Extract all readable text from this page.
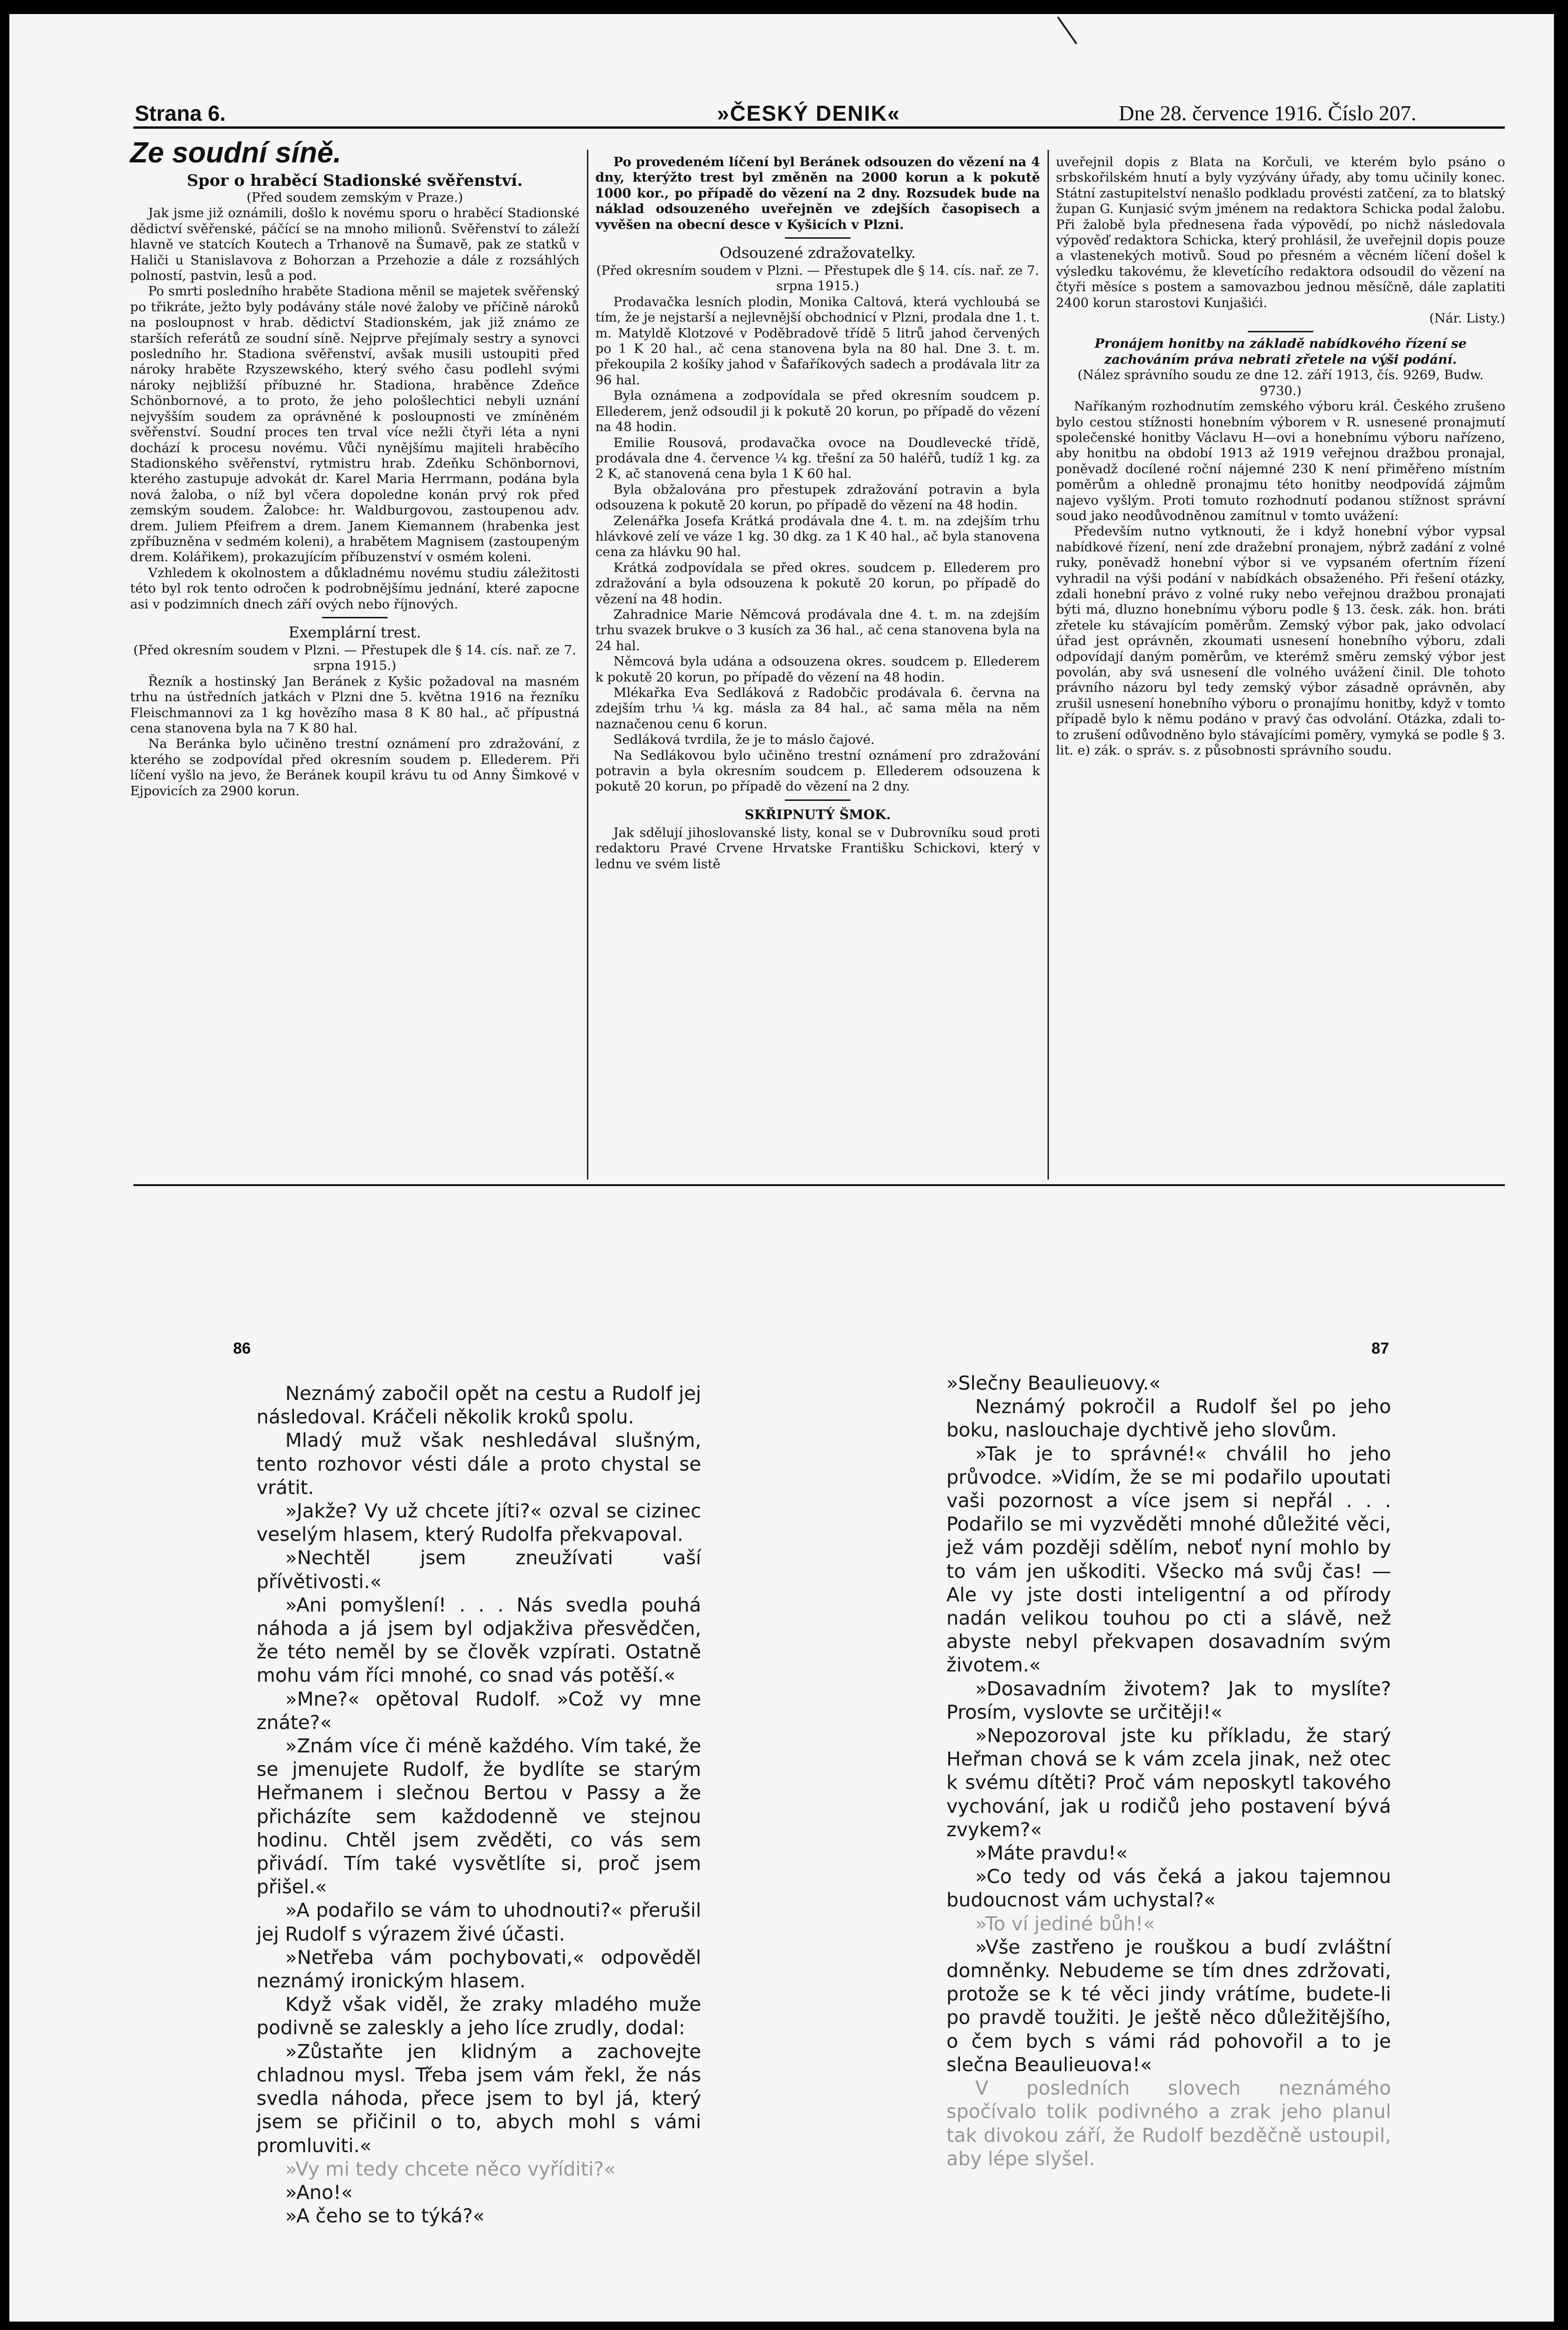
Strana 6.	»ČESKÝ DENIK«	Dne 28. července 1916. Číslo 207.
Ze soudní síně.
Spor o hraběcí Stadionské svěřenství.

(Před soudem zemským v Praze.)

Jak jsme již oznámili, došlo k novému sporu o hraběcí Stadionské dědictví svěřenské, páčící se na mnoho milionů. Svěřenství to záleží hlavně ve statcích Koutech a Trhanově na Šumavě, pak ze statků v Haliči u Stanislavova z Bohorzan a Przehozie a dále z rozsáhlých polností, pastvin, lesů a pod.

Po smrti posledního hraběte Stadiona měnil se majetek svěřenský po třikráte, ježto byly podávány stále nové žaloby ve příčině nároků na posloupnost v hrab. dědictví Stadionském, jak již známo ze starších referátů ze soudní síně. Nejprve přejímaly sestry a synovci posledního hr. Stadiona svěřenství, avšak musili ustoupiti před nároky hraběte Rzyszewského, který svého času podlehl svými nároky nejbližší příbuzné hr. Stadiona, hraběnce Zdeňce Schönbornové, a to proto, že jeho pološlechtici nebyli uznání nejvyšším soudem za oprávněné k posloupnosti ve zmíněném svěřenství. Soudní proces ten trval více nežli čtyři léta a nyni dochází k procesu novému. Vůči nynějšímu majiteli hraběcího Stadionského svěřenství, rytmistru hrab. Zdeňku Schönbornovi, kterého zastupuje advokát dr. Karel Maria Herrmann, podána byla nová žaloba, o níž byl včera dopoledne konán prvý rok před zemským soudem. Žalobce: hr. Waldburgovou, zastoupenou adv. drem. Juliem Pfeifrem a drem. Janem Kiemannem (hrabenka jest zpříbuzněna v sedmém koleni), a hrabětem Magnisem (zastoupeným drem. Kolářikem), prokazujícím příbuzenství v osmém koleni.

Vzhledem k okolnostem a důkladnému novému studiu záležitosti této byl rok tento odročen k podrobnějšímu jednání, které zapocne asi v podzimních dnech září ových nebo říjnových.

Exemplární trest.

(Před okresním soudem v Plzni. — Přestupek dle § 14. cís. nař. ze 7. srpna 1915.)

Řezník a hostinský Jan Beránek z Kyšic požadoval na masném trhu na ústředních jatkách v Plzni dne 5. května 1916 na řezníku Fleischmannovi za 1 kg hovězího masa 8 K 80 hal., ač přípustná cena stanovena byla na 7 K 80 hal.

Na Beránka bylo učiněno trestní oznámení pro zdražování, z kterého se zodpovídal před okresním soudem p. Ellederem. Při líčení vyšlo na jevo, že Beránek koupil krávu tu od Anny Šimkové v Ejpovicích za 2900 korun.

Po provedeném líčení byl Beránek odsouzen do vězení na 4 dny, kterýžto trest byl změněn na 2000 korun a k pokutě 1000 kor., po případě do vězení na 2 dny. Rozsudek bude na náklad odsouzeného uveřejněn ve zdejších časopisech a vyvěšen na obecní desce v Kyšicích v Plzni.

Odsouzené zdražovatelky.

(Před okresním soudem v Plzni. — Přestupek dle § 14. cís. nař. ze 7. srpna 1915.)

Prodavačka lesních plodin, Monika Caltová, která vychloubá se tím, že je nejstarší a nejlevnější obchodnicí v Plzni, prodala dne 1. t. m. Matyldě Klotzové v Poděbradově třídě 5 litrů jahod červených po 1 K 20 hal., ač cena stanovena byla na 80 hal. Dne 3. t. m. překoupila 2 košíky jahod v Šafaříkových sadech a prodávala litr za 96 hal.

Byla oznámena a zodpovídala se před okresním soudcem p. Ellederem, jenž odsoudil ji k pokutě 20 korun, po případě do vězení na 48 hodin.

Emilie Rousová, prodavačka ovoce na Doudlevecké třídě, prodávala dne 4. července ¼ kg. třešní za 50 haléřů, tudíž 1 kg. za 2 K, ač stanovená cena byla 1 K 60 hal.

Byla obžalována pro přestupek zdražování potravin a byla odsouzena k pokutě 20 korun, po případě do vězení na 48 hodin.

Zelenářka Josefa Krátká prodávala dne 4. t. m. na zdejším trhu hlávkové zelí ve váze 1 kg. 30 dkg. za 1 K 40 hal., ač byla stanovena cena za hlávku 90 hal.

Krátká zodpovídala se před okres. soudcem p. Ellederem pro zdražování a byla odsouzena k pokutě 20 korun, po případě do vězení na 48 hodin.

Zahradnice Marie Němcová prodávala dne 4. t. m. na zdejším trhu svazek brukve o 3 kusích za 36 hal., ač cena stanovena byla na 24 hal.

Němcová byla udána a odsouzena okres. soudcem p. Ellederem k pokutě 20 korun, po případě do vězení na 48 hodin.

Mlékařka Eva Sedláková z Radobčic prodávala 6. června na zdejším trhu ¼ kg. másla za 84 hal., ač sama měla na něm naznačenou cenu 6 korun.

Sedláková tvrdila, že je to máslo čajové.

Na Sedlákovou bylo učiněno trestní oznámení pro zdražování potravin a byla okresním soudcem p. Ellederem odsouzena k pokutě 20 korun, po případě do vězení na 2 dny.

SKŘIPNUTÝ ŠMOK.

Jak sdělují jihoslovanské listy, konal se v Dubrovníku soud proti redaktoru Pravé Crvene Hrvatske Františku Schickovi, který v lednu ve svém listě

uveřejnil dopis z Blata na Korčuli, ve kterém bylo psáno o srbskořilském hnutí a byly vyzývány úřady, aby tomu učinily konec. Státní zastupitelství nenašlo podkladu provésti zatčení, za to blatský župan G. Kunjasić svým jménem na redaktora Schicka podal žalobu. Při žalobě byla přednesena řada výpovědí, po nichž následovala výpověď redaktora Schicka, který prohlásil, že uveřejnil dopis pouze a vlastenekých motivů. Soud po přesném a věcném líčení došel k výsledku takovému, že klevetícího redaktora odsoudil do vězení na čtyři měsíce s postem a samovazbou jednou měsíčně, dále zaplatiti 2400 korun starostovi Kunjašići.

(Nár. Listy.)

Pronájem honitby na základě nabídkového řízení se zachováním práva nebrati zřetele na výši podání.

(Nález správního soudu ze dne 12. září 1913, čís. 9269, Budw. 9730.)

Naříkaným rozhodnutím zemského výboru král. Českého zrušeno bylo cestou stížnosti honebním výborem v R. usnesené pronajmutí společenské honitby Václavu H—ovi a honebnímu výboru nařízeno, aby honitbu na období 1913 až 1919 veřejnou dražbou pronajal, poněvadž docílené roční nájemné 230 K není přiměřeno místním poměrům a ohledně pronajmu této honitby neodpovídá zájmům najevo vyšlým. Proti tomuto rozhodnutí podanou stížnost správní soud jako neodůvodněnou zamítnul v tomto uvážení:

Především nutno vytknouti, že i když honební výbor vypsal nabídkové řízení, není zde dražební pronajem, nýbrž zadání z volné ruky, poněvadž honební výbor si ve vypsaném ofertním řízení vyhradil na výši podání v nabídkách obsaženého. Při řešení otázky, zdali honební právo z volné ruky nebo veřejnou dražbou pronajati býti má, dluzno honebnímu výboru podle § 13. česk. zák. hon. bráti zřetele ku stávajícím poměrům. Zemský výbor pak, jako odvolací úřad jest oprávněn, zkoumati usnesení honebního výboru, zdali odpovídají daným poměrům, ve kterémž směru zemský výbor jest povolán, aby svá usnesení dle volného uvážení činil. Dle tohoto právního názoru byl tedy zemský výbor zásadně oprávněn, aby zrušil usnesení honebního výboru o pronajímu honitby, když v tomto případě bylo k němu podáno v pravý čas odvolání. Otázka, zdali to-to zrušení odůvodněno bylo stávajícími poměry, vymyká se podle § 3. lit. e) zák. o správ. s. z působnosti správního soudu.

86	87

Neznámý zabočil opět na cestu a Rudolf jej následoval. Kráčeli několik kroků spolu.

Mladý muž však neshledával slušným, tento rozhovor vésti dále a proto chystal se vrátit.

»Jakže? Vy už chcete jíti?« ozval se cizinec veselým hlasem, který Rudolfa překvapoval.

»Nechtěl jsem zneužívati vaší přívětivosti.«

»Ani pomyšlení! . . . Nás svedla pouhá náhoda a já jsem byl odjakživa přesvědčen, že této neměl by se člověk vzpírati. Ostatně mohu vám říci mnohé, co snad vás potěší.«

»Mne?« opětoval Rudolf. »Což vy mne znáte?«

»Znám více či méně každého. Vím také, že se jmenujete Rudolf, že bydlíte se starým Heřmanem i slečnou Bertou v Passy a že přicházíte sem každodenně ve stejnou hodinu. Chtěl jsem zvěděti, co vás sem přivádí. Tím také vysvětlíte si, proč jsem přišel.«

»A podařilo se vám to uhodnouti?« přerušil jej Rudolf s výrazem živé účasti.

»Netřeba vám pochybovati,« odpověděl neznámý ironickým hlasem.

Když však viděl, že zraky mladého muže podivně se zaleskly a jeho líce zrudly, dodal:

»Zůstaňte jen klidným a zachovejte chladnou mysl. Třeba jsem vám řekl, že nás svedla náhoda, přece jsem to byl já, který jsem se přičinil o to, abych mohl s vámi promluviti.«

»Vy mi tedy chcete něco vyříditi?«

»Ano!«

»A čeho se to týká?«

»Slečny Beaulieuovy.«

Neznámý pokročil a Rudolf šel po jeho boku, naslouchaje dychtivě jeho slovům.

»Tak je to správné!« chválil ho jeho průvodce. »Vidím, že se mi podařilo upoutati vaši pozornost a více jsem si nepřál . . . Podařilo se mi vyzvěděti mnohé důležité věci, jež vám později sdělím, neboť nyní mohlo by to vám jen uškoditi. Všecko má svůj čas! — Ale vy jste dosti inteligentní a od přírody nadán velikou touhou po cti a slávě, než abyste nebyl překvapen dosavadním svým životem.«

»Dosavadním životem? Jak to myslíte? Prosím, vyslovte se určitěji!«

»Nepozoroval jste ku příkladu, že starý Heřman chová se k vám zcela jinak, než otec k svému dítěti? Proč vám neposkytl takového vychování, jak u rodičů jeho postavení bývá zvykem?«

»Máte pravdu!«

»Co tedy od vás čeká a jakou tajemnou budoucnost vám uchystal?«

»To ví jediné bůh!«

»Vše zastřeno je rouškou a budí zvláštní domněnky. Nebudeme se tím dnes zdržovati, protože se k té věci jindy vrátíme, budete-li po pravdě toužiti. Je ještě něco důležitějšího, o čem bych s vámi rád pohovořil a to je slečna Beaulieuova!«

V posledních slovech neznámého spočívalo tolik podivného a zrak jeho planul tak divokou září, že Rudolf bezděčně ustoupil, aby lépe slyšel.
